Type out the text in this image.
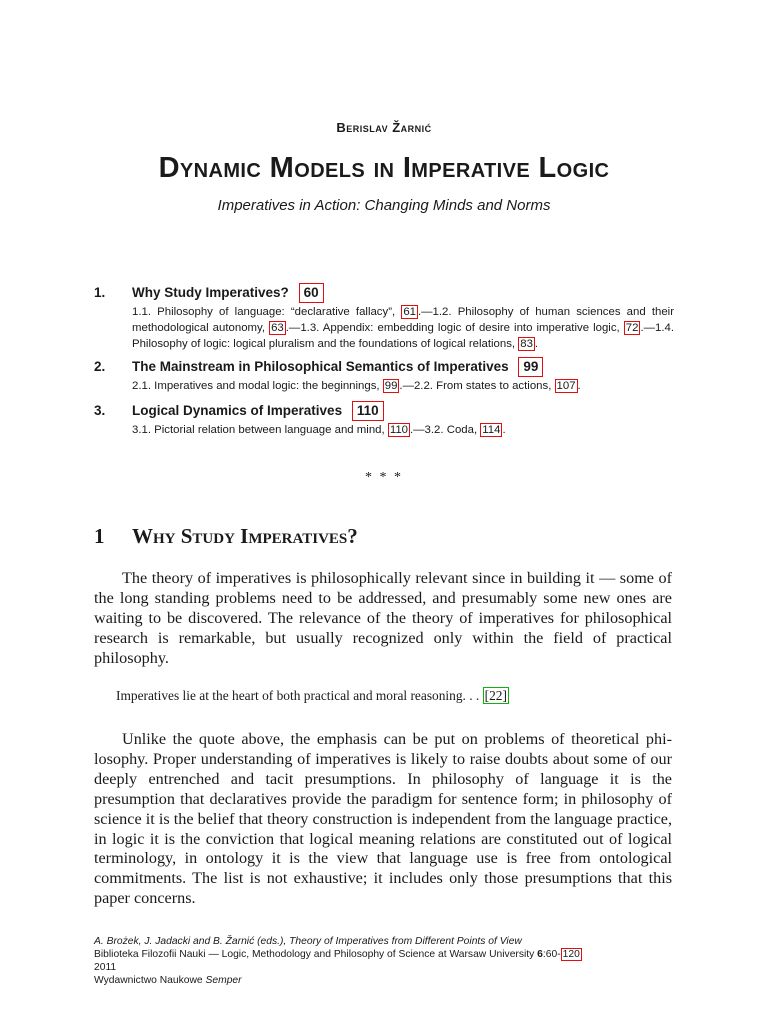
Berislav Žarnić
Dynamic Models in Imperative Logic
Imperatives in Action: Changing Minds and Norms
1. Why Study Imperatives? 60
1.1. Philosophy of language: “declarative fallacy”, 61 .—1.2. Philosophy of human sciences and their methodological autonomy, 63 .—1.3. Appendix: embedding logic of desire into imperative logic, 72 .—1.4. Philosophy of logic: logical pluralism and the foundations of logical relations, 83 .
2. The Mainstream in Philosophical Semantics of Imperatives 99
2.1. Imperatives and modal logic: the beginnings, 99 .—2.2. From states to actions, 107 .
3. Logical Dynamics of Imperatives 110
3.1. Pictorial relation between language and mind, 110 .—3.2. Coda, 114 .
* * *
1 Why Study Imperatives?
The theory of imperatives is philosophically relevant since in building it — some of the long standing problems need to be addressed, and presumably some new ones are waiting to be discovered. The relevance of the theory of imperatives for philosophical research is remarkable, but usually recognized only within the field of practical philosophy.
Imperatives lie at the heart of both practical and moral reasoning. . . [22]
Unlike the quote above, the emphasis can be put on problems of theoretical philosophy. Proper understanding of imperatives is likely to raise doubts about some of our deeply entrenched and tacit presumptions. In philosophy of language it is the presumption that declaratives provide the paradigm for sentence form; in philosophy of science it is the belief that theory construction is independent from the language practice, in logic it is the conviction that logical meaning relations are constituted out of logical terminology, in ontology it is the view that language use is free from ontological commitments. The list is not exhaustive; it includes only those presumptions that this paper concerns.
A. Brożek, J. Jadacki and B. Žarnić (eds.), Theory of Imperatives from Different Points of View
Biblioteka Filozofii Nauki — Logic, Methodology and Philosophy of Science at Warsaw University 6:60- 120
2011
Wydawnictwo Naukowe Semper
